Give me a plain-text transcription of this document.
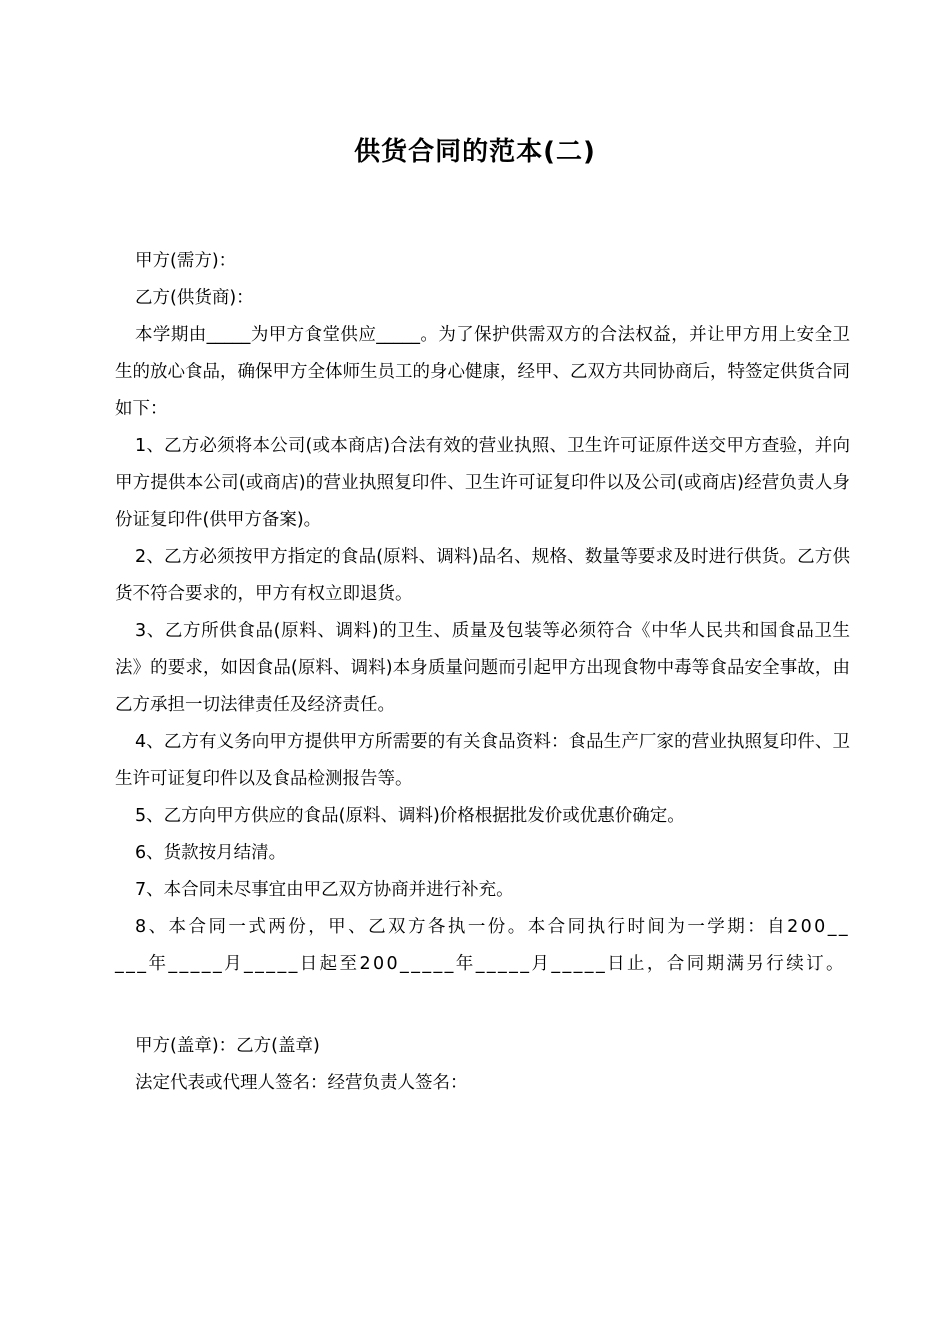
供货合同的范本(二)

甲方(需方)：

乙方(供货商)：

本学期由_____为甲方食堂供应_____。为了保护供需双方的合法权益，并让甲方用上安全卫生的放心食品，确保甲方全体师生员工的身心健康，经甲、乙双方共同协商后，特签定供货合同如下：

1、乙方必须将本公司(或本商店)合法有效的营业执照、卫生许可证原件送交甲方查验，并向甲方提供本公司(或商店)的营业执照复印件、卫生许可证复印件以及公司(或商店)经营负责人身份证复印件(供甲方备案)。

2、乙方必须按甲方指定的食品(原料、调料)品名、规格、数量等要求及时进行供货。乙方供货不符合要求的，甲方有权立即退货。

3、乙方所供食品(原料、调料)的卫生、质量及包装等必须符合《中华人民共和国食品卫生法》的要求，如因食品(原料、调料)本身质量问题而引起甲方出现食物中毒等食品安全事故，由乙方承担一切法律责任及经济责任。

4、乙方有义务向甲方提供甲方所需要的有关食品资料：食品生产厂家的营业执照复印件、卫生许可证复印件以及食品检测报告等。

5、乙方向甲方供应的食品(原料、调料)价格根据批发价或优惠价确定。

6、货款按月结清。

7、本合同未尽事宜由甲乙双方协商并进行补充。

8、本合同一式两份，甲、乙双方各执一份。本合同执行时间为一学期：自200_____年_____月_____日起至200_____年_____月_____日止，合同期满另行续订。

甲方(盖章)：乙方(盖章)

法定代表或代理人签名：经营负责人签名：
